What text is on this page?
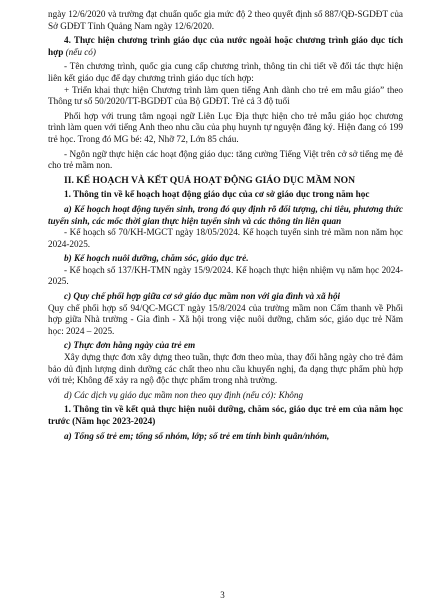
ngày 12/6/2020 và trường đạt chuẩn quốc gia mức độ 2 theo quyết định số 887/QĐ-SGDĐT của Sở GDĐT Tỉnh Quảng Nam ngày 12/6/2020.

4. Thực hiện chương trình giáo dục của nước ngoài hoặc chương trình giáo dục tích hợp (nếu có)

- Tên chương trình, quốc gia cung cấp chương trình, thông tin chi tiết về đối tác thực hiện liên kết giáo dục để dạy chương trình giáo dục tích hợp:

+ Triển khai thực hiện Chương trình làm quen tiếng Anh dành cho trẻ em mẫu giáo” theo Thông tư số 50/2020/TT-BGDĐT của Bộ GDĐT. Trẻ cả 3 độ tuổi

Phối hợp với trung tâm ngoại ngữ Liên Lục Địa thực hiện cho trẻ mẫu giáo học chương trình làm quen với tiếng Anh theo nhu cầu của phụ huynh tự nguyện đăng ký. Hiện đang có 199 trẻ học. Trong đó MG bé: 42, Nhỡ 72, Lớn 85 cháu.

- Ngôn ngữ thực hiện các hoạt động giáo dục: tăng cường Tiếng Việt trên cở sở tiếng mẹ đẻ cho trẻ mầm non.

II. KẾ HOẠCH VÀ KẾT QUẢ HOẠT ĐỘNG GIÁO DỤC MẦM NON

1. Thông tin về kế hoạch hoạt động giáo dục của cơ sở giáo dục trong năm học

a) Kế hoạch hoạt động tuyển sinh, trong đó quy định rõ đối tượng, chỉ tiêu, phương thức tuyển sinh, các mốc thời gian thực hiện tuyển sinh và các thông tin liên quan

- Kế hoạch số 70/KH-MGCT ngày 18/05/2024. Kế hoạch tuyển sinh trẻ mầm non năm học 2024-2025.

b) Kế hoạch nuôi dưỡng, chăm sóc, giáo dục trẻ.

- Kế hoạch số 137/KH-TMN ngày 15/9/2024. Kế hoạch thực hiện nhiệm vụ năm học 2024-2025.

c) Quy chế phối hợp giữa cơ sở giáo dục mầm non với gia đình và xã hội

Quy chế phối hợp số 94/QC-MGCT ngày 15/8/2024 của trường mầm non Cẩm thanh về Phối hợp giữa Nhà trường - Gia đình - Xã hội trong việc nuôi dưỡng, chăm sóc, giáo dục trẻ Năm học: 2024 – 2025.

c) Thực đơn hằng ngày của trẻ em

Xây dựng thực đơn xây dựng theo tuần, thực đơn theo mùa, thay đổi hằng ngày cho trẻ đảm bảo dủ định lượng dinh dưỡng các chất theo nhu cầu khuyến nghị, đa dạng thực phẩm phù hợp với trẻ; Không để xảy ra ngộ độc thực phẩm trong nhà trường.

d) Các dịch vụ giáo dục mầm non theo quy định (nếu có): Không

1. Thông tin về kết quả thực hiện nuôi dưỡng, chăm sóc, giáo dục trẻ em của năm học trước (Năm học 2023-2024)

a) Tổng số trẻ em; tổng số nhóm, lớp; số trẻ em tính bình quân/nhóm,

3
